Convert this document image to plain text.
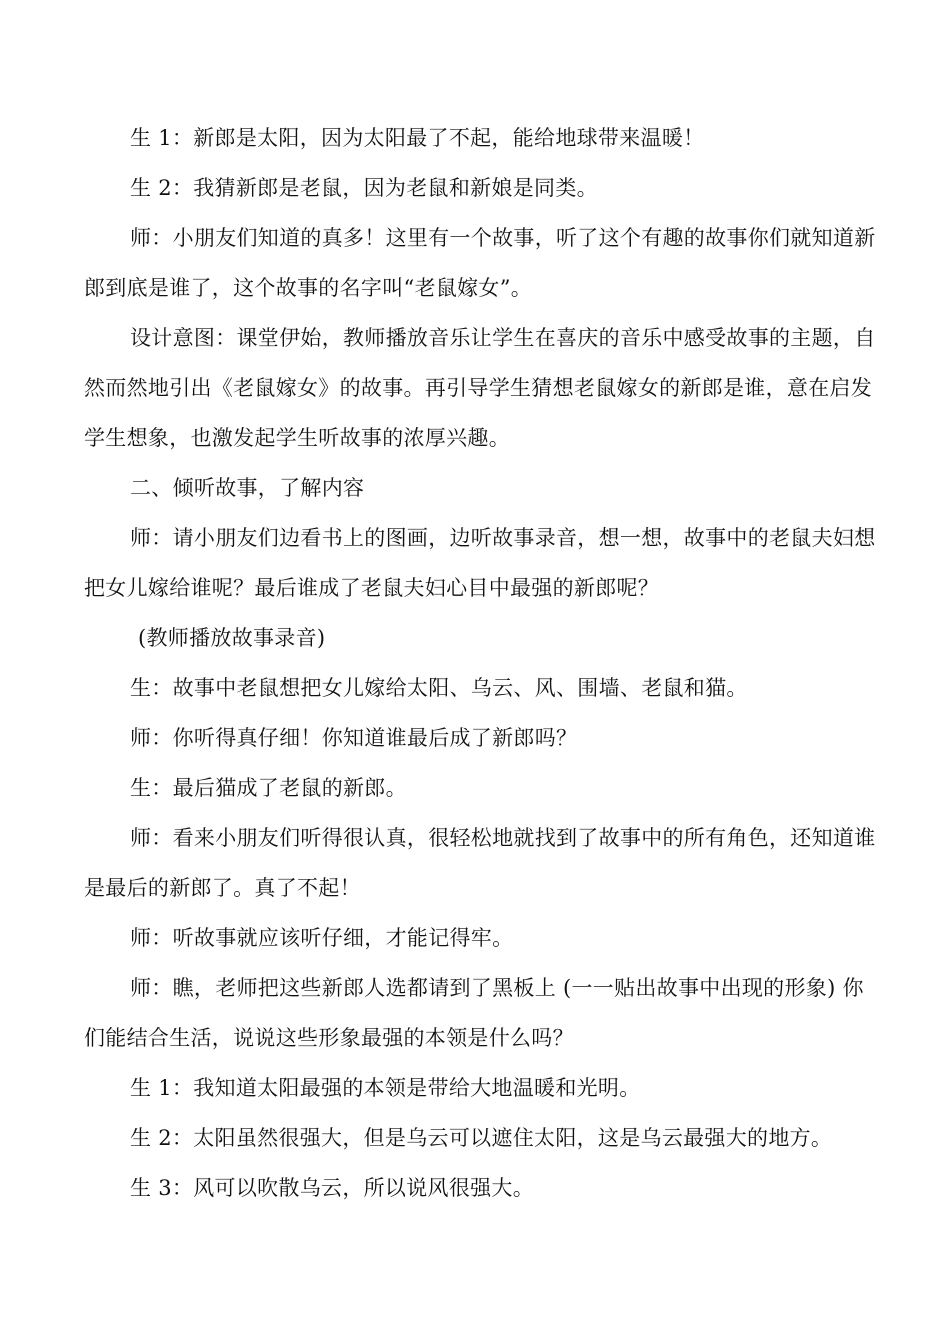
生 1：新郎是太阳，因为太阳最了不起，能给地球带来温暖！

生 2：我猜新郎是老鼠，因为老鼠和新娘是同类。

师：小朋友们知道的真多！这里有一个故事，听了这个有趣的故事你们就知道新郎到底是谁了，这个故事的名字叫“老鼠嫁女”。

设计意图：课堂伊始，教师播放音乐让学生在喜庆的音乐中感受故事的主题，自然而然地引出《老鼠嫁女》的故事。再引导学生猜想老鼠嫁女的新郎是谁，意在启发学生想象，也激发起学生听故事的浓厚兴趣。

二、倾听故事，了解内容

师：请小朋友们边看书上的图画，边听故事录音，想一想，故事中的老鼠夫妇想把女儿嫁给谁呢？最后谁成了老鼠夫妇心目中最强的新郎呢？

(教师播放故事录音)

生：故事中老鼠想把女儿嫁给太阳、乌云、风、围墙、老鼠和猫。

师：你听得真仔细！你知道谁最后成了新郎吗？

生：最后猫成了老鼠的新郎。

师：看来小朋友们听得很认真，很轻松地就找到了故事中的所有角色，还知道谁是最后的新郎了。真了不起！

师：听故事就应该听仔细，才能记得牢。

师：瞧，老师把这些新郎人选都请到了黑板上 (一一贴出故事中出现的形象) 你们能结合生活，说说这些形象最强的本领是什么吗？

生 1：我知道太阳最强的本领是带给大地温暖和光明。

生 2：太阳虽然很强大，但是乌云可以遮住太阳，这是乌云最强大的地方。

生 3：风可以吹散乌云，所以说风很强大。
